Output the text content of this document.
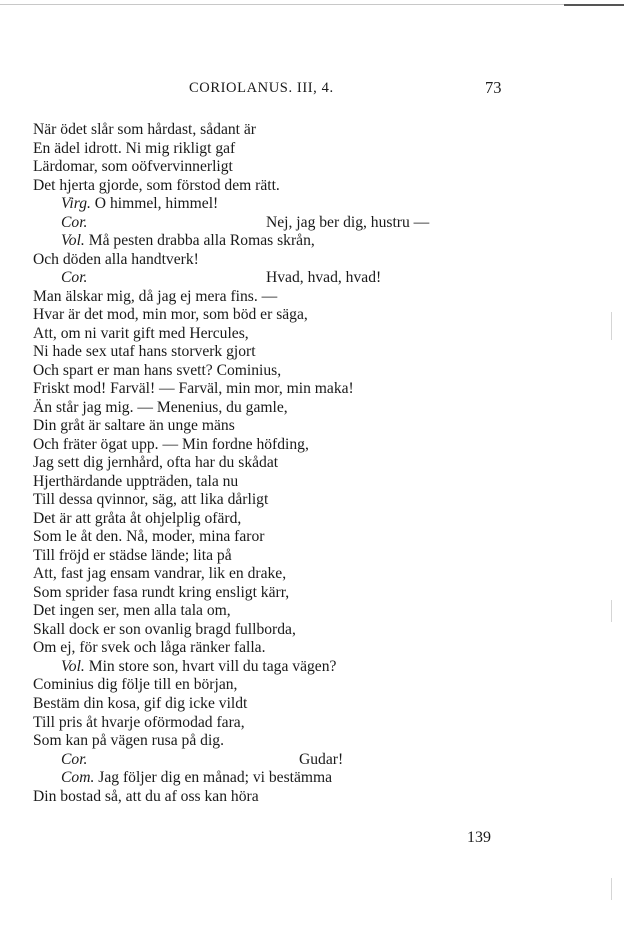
CORIOLANUS. III, 4.	73
När ödet slår som hårdast, sådant är
En ädel idrott. Ni mig rikligt gaf
Lärdomar, som oöfvervinnerligt
Det hjerta gjorde, som förstod dem rätt.
Virg. O himmel, himmel!
Cor.	Nej, jag ber dig, hustru —
Vol. Må pesten drabba alla Romas skrån,
Och döden alla handtverk!
Cor.	Hvad, hvad, hvad!
Man älskar mig, då jag ej mera fins. —
Hvar är det mod, min mor, som böd er säga,
Att, om ni varit gift med Hercules,
Ni hade sex utaf hans storverk gjort
Och spart er man hans svett? Cominius,
Friskt mod! Farväl! — Farväl, min mor, min maka!
Än står jag mig. — Menenius, du gamle,
Din gråt är saltare än unge mäns
Och fräter ögat upp. — Min fordne höfding,
Jag sett dig jernhård, ofta har du skådat
Hjerthärdande uppträden, tala nu
Till dessa qvinnor, säg, att lika dårligt
Det är att gråta åt ohjelplig ofärd,
Som le åt den. Nå, moder, mina faror
Till fröjd er städse lände; lita på
Att, fast jag ensam vandrar, lik en drake,
Som sprider fasa rundt kring ensligt kärr,
Det ingen ser, men alla tala om,
Skall dock er son ovanlig bragd fullborda,
Om ej, för svek och låga ränker falla.
Vol. Min store son, hvart vill du taga vägen?
Cominius dig följe till en början,
Bestäm din kosa, gif dig icke vildt
Till pris åt hvarje oförmodad fara,
Som kan på vägen rusa på dig.
Cor.	Gudar!
Com. Jag följer dig en månad; vi bestämma
Din bostad så, att du af oss kan höra
139
